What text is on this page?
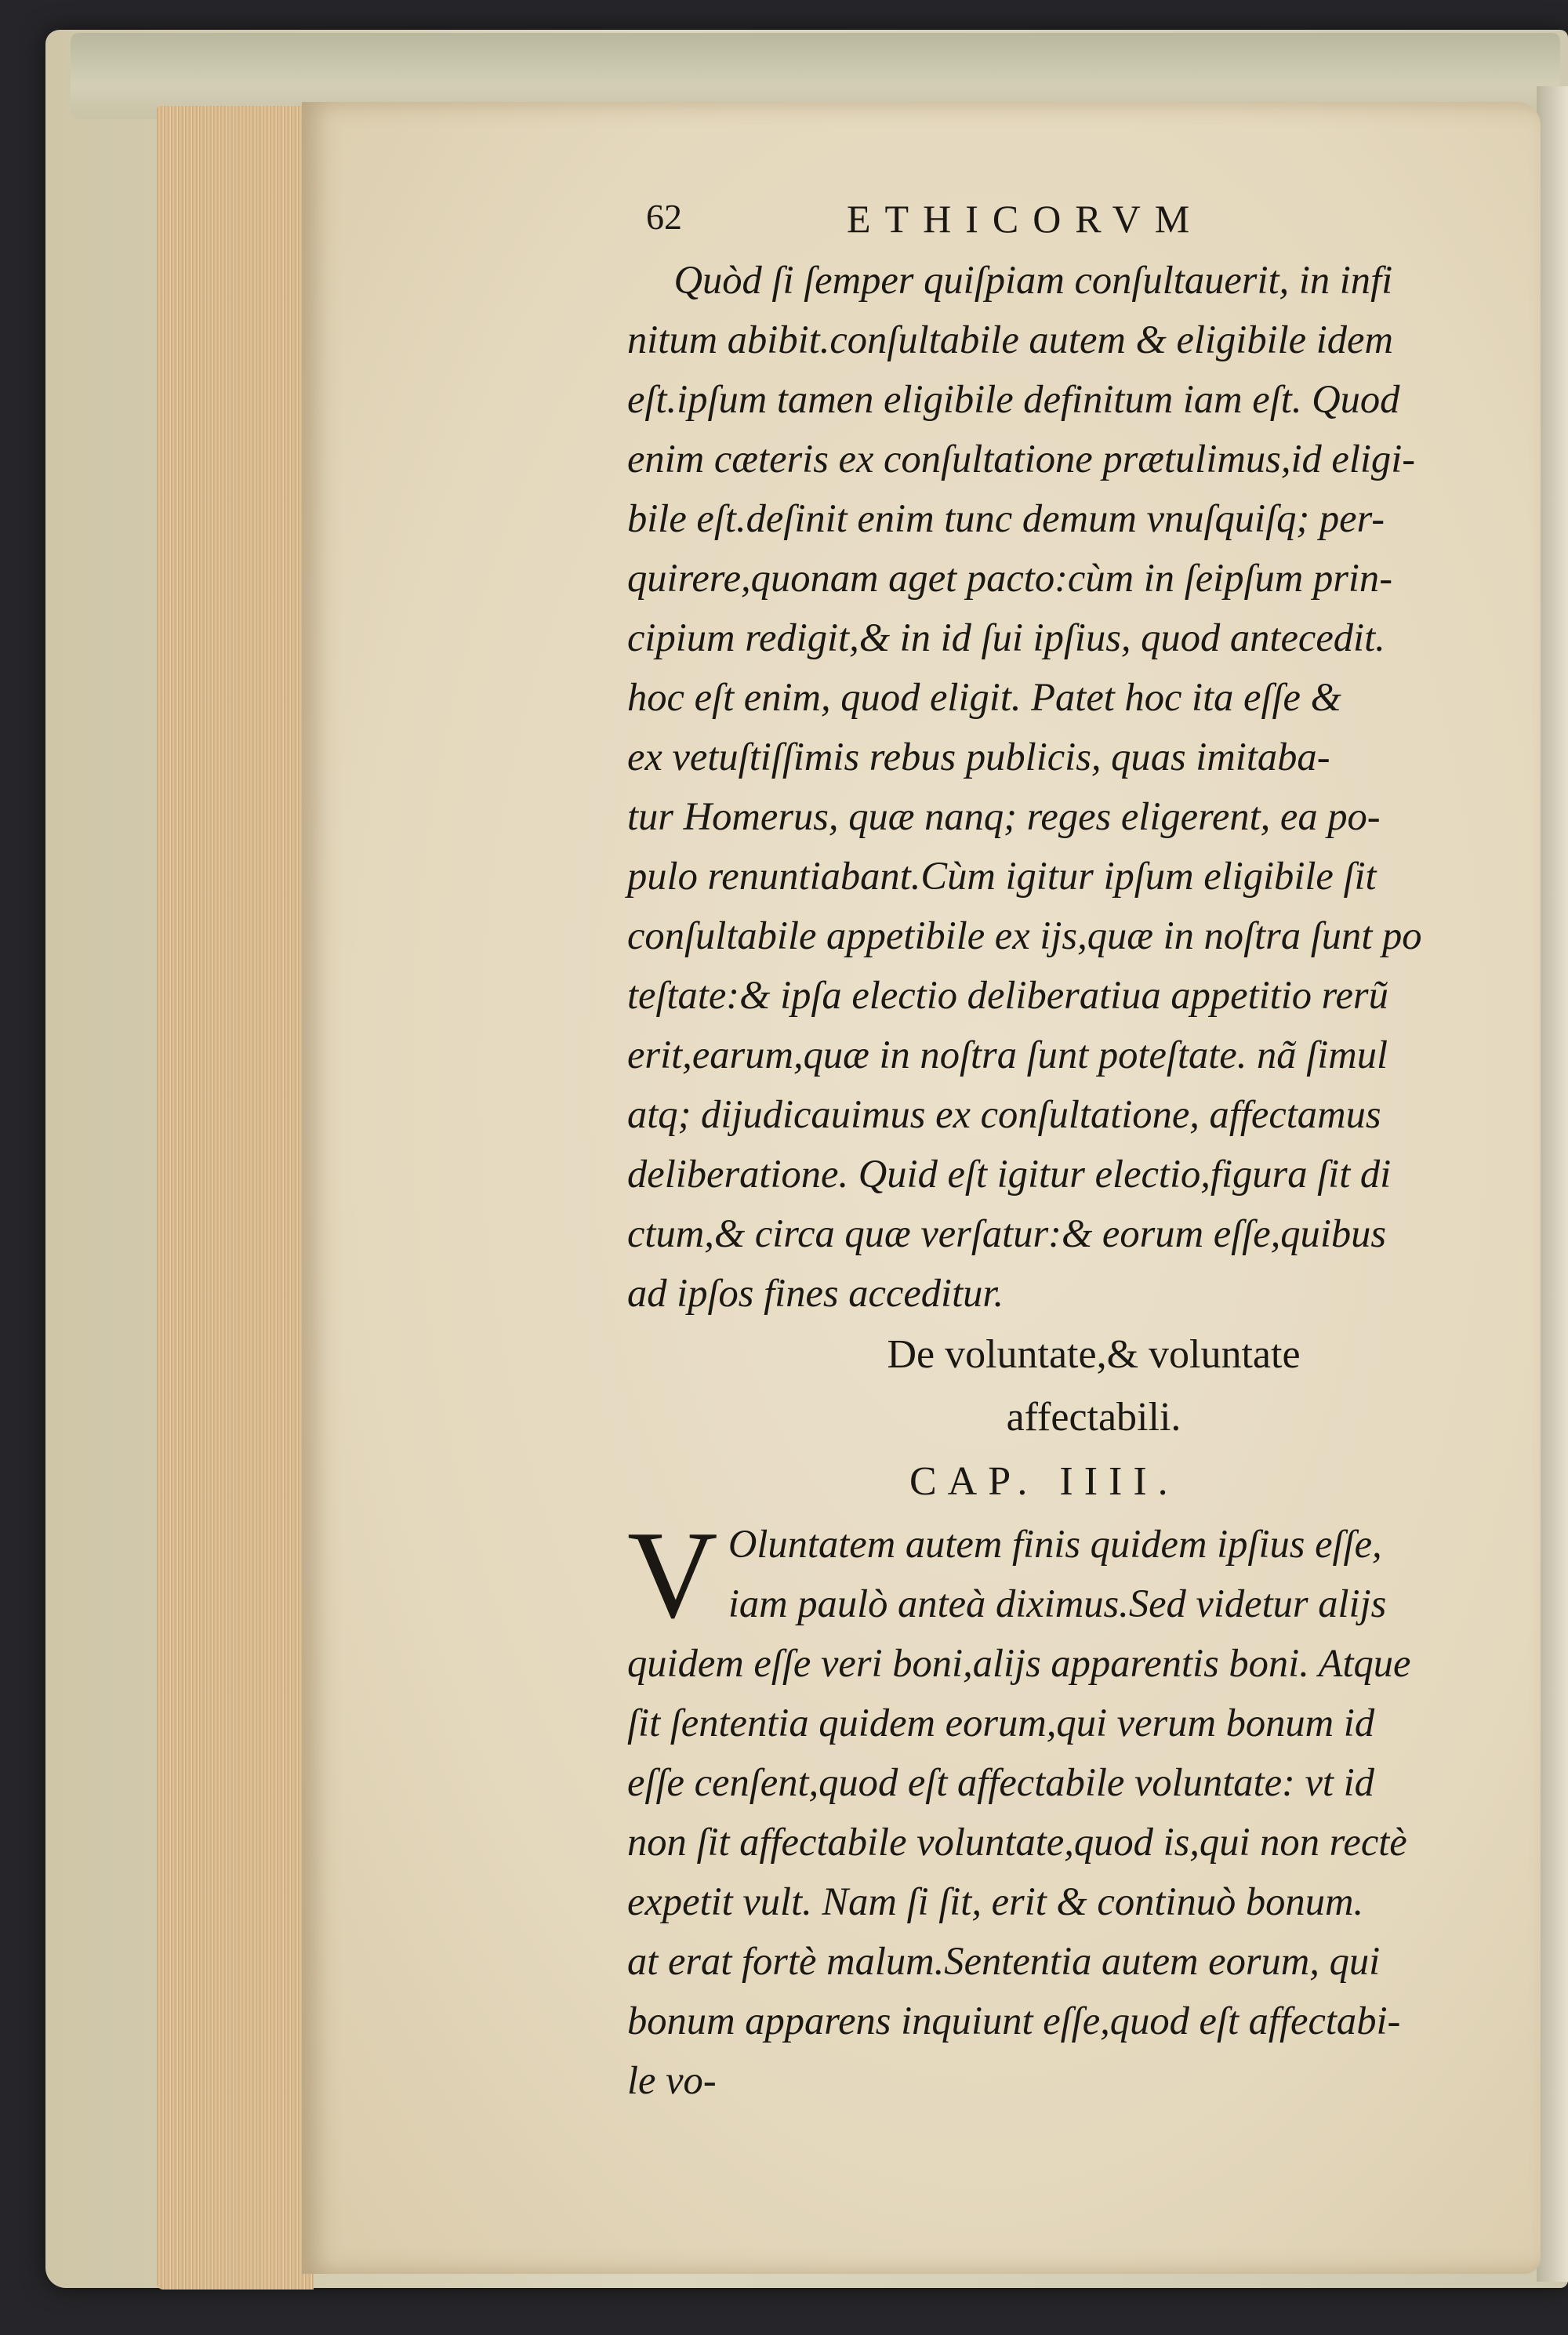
62	ETHICORVM
Quòd ſi ſemper quiſpiam conſultauerit, in infi
nitum abibit.conſultabile autem & eligibile idem
eſt.ipſum tamen eligibile definitum iam eſt. Quod
enim cæteris ex conſultatione prætulimus,id eligi-
bile eſt.deſinit enim tunc demum vnuſquiſq; per-
quirere,quonam aget pacto:cùm in ſeipſum prin-
cipium redigit,& in id ſui ipſius, quod antecedit.
hoc eſt enim, quod eligit. Patet hoc ita eſſe &
ex vetuſtiſſimis rebus publicis, quas imitaba-
tur Homerus, quæ nanq; reges eligerent, ea po-
pulo renuntiabant.Cùm igitur ipſum eligibile ſit
conſultabile appetibile ex ijs,quæ in noſtra ſunt po
teſtate:& ipſa electio deliberatiua appetitio rerũ
erit,earum,quæ in noſtra ſunt poteſtate. nã ſimul
atq; dijudicauimus ex conſultatione, affectamus
deliberatione. Quid eſt igitur electio,figura ſit di
ctum,& circa quæ verſatur:& eorum eſſe,quibus
ad ipſos fines acceditur.
De voluntate,& voluntate
affectabili.
CAP. IIII.
V Oluntatem autem finis quidem ipſius eſſe,
iam paulò anteà diximus.Sed videtur alijs
quidem eſſe veri boni,alijs apparentis boni. Atque
ſit ſententia quidem eorum,qui verum bonum id
eſſe cenſent,quod eſt affectabile voluntate: vt id
non ſit affectabile voluntate,quod is,qui non rectè
expetit vult. Nam ſi ſit, erit & continuò bonum.
at erat fortè malum.Sententia autem eorum, qui
bonum apparens inquiunt eſſe,quod eſt affectabi-
le vo-
